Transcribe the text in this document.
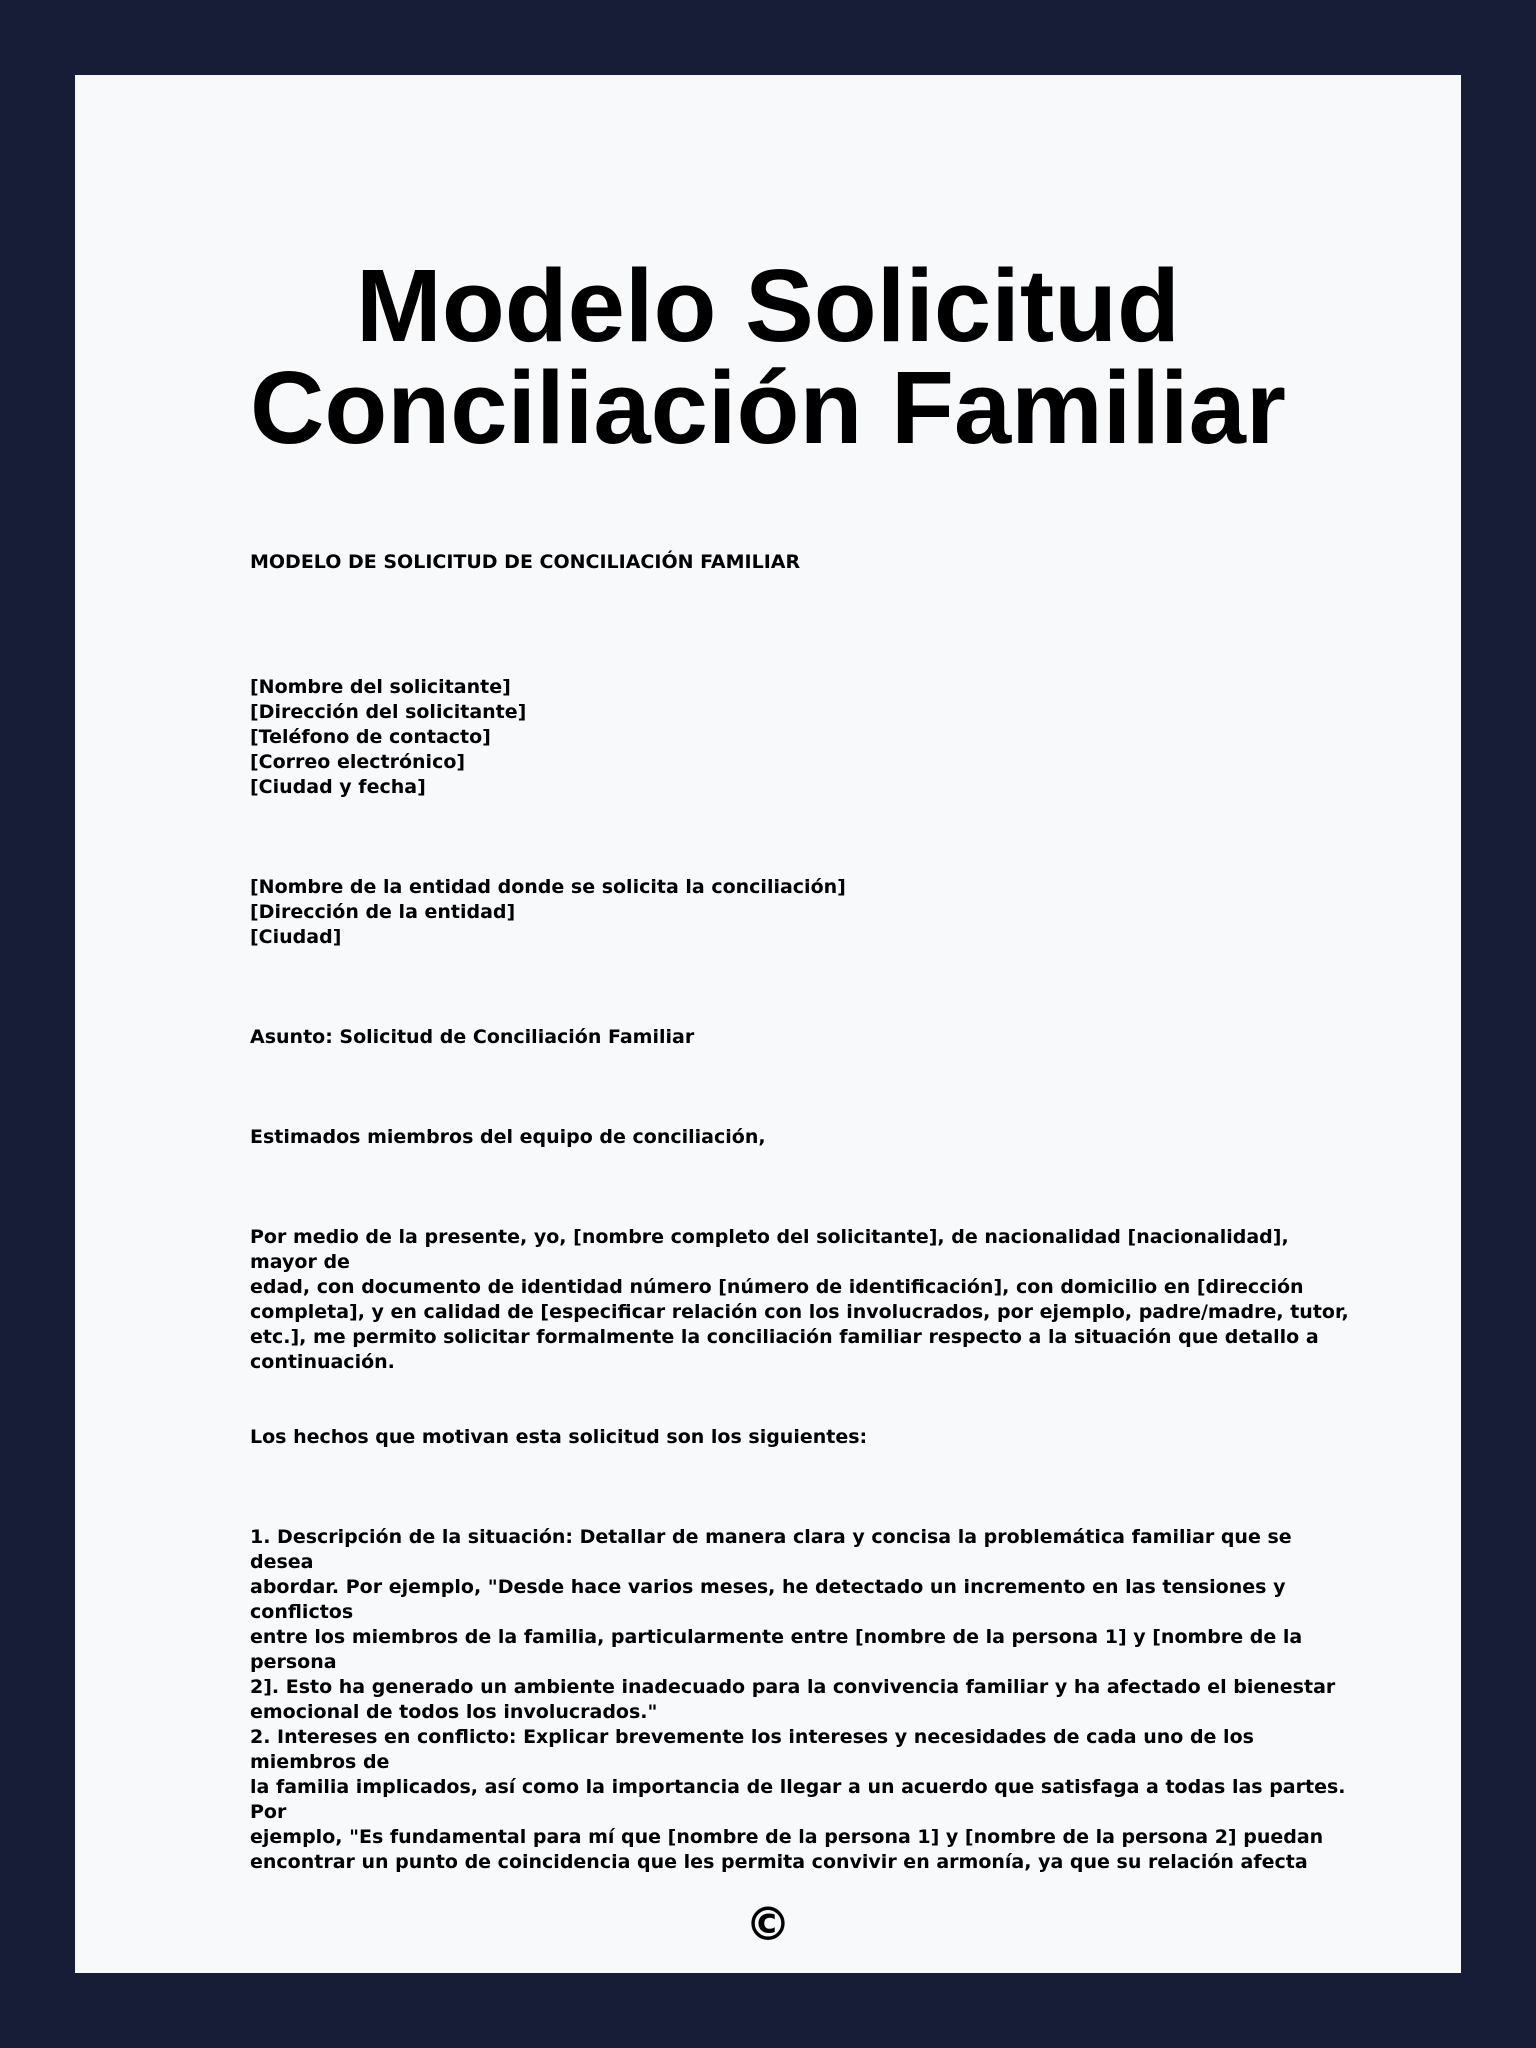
Modelo Solicitud
Conciliación Familiar

MODELO DE SOLICITUD DE CONCILIACIÓN FAMILIAR

[Nombre del solicitante]
[Dirección del solicitante]
[Teléfono de contacto]
[Correo electrónico]
[Ciudad y fecha]
[Nombre de la entidad donde se solicita la conciliación]
[Dirección de la entidad]
[Ciudad]

Asunto: Solicitud de Conciliación Familiar

Estimados miembros del equipo de conciliación,

Por medio de la presente, yo, [nombre completo del solicitante], de nacionalidad [nacionalidad], mayor de
edad, con documento de identidad número [número de identificación], con domicilio en [dirección
completa], y en calidad de [especificar relación con los involucrados, por ejemplo, padre/madre, tutor,
etc.], me permito solicitar formalmente la conciliación familiar respecto a la situación que detallo a
continuación.

Los hechos que motivan esta solicitud son los siguientes:

1. Descripción de la situación: Detallar de manera clara y concisa la problemática familiar que se desea
abordar. Por ejemplo, "Desde hace varios meses, he detectado un incremento en las tensiones y conflictos
entre los miembros de la familia, particularmente entre [nombre de la persona 1] y [nombre de la persona
2]. Esto ha generado un ambiente inadecuado para la convivencia familiar y ha afectado el bienestar
emocional de todos los involucrados."
2. Intereses en conflicto: Explicar brevemente los intereses y necesidades de cada uno de los miembros de
la familia implicados, así como la importancia de llegar a un acuerdo que satisfaga a todas las partes. Por
ejemplo, "Es fundamental para mí que [nombre de la persona 1] y [nombre de la persona 2] puedan
encontrar un punto de coincidencia que les permita convivir en armonía, ya que su relación afecta
©
